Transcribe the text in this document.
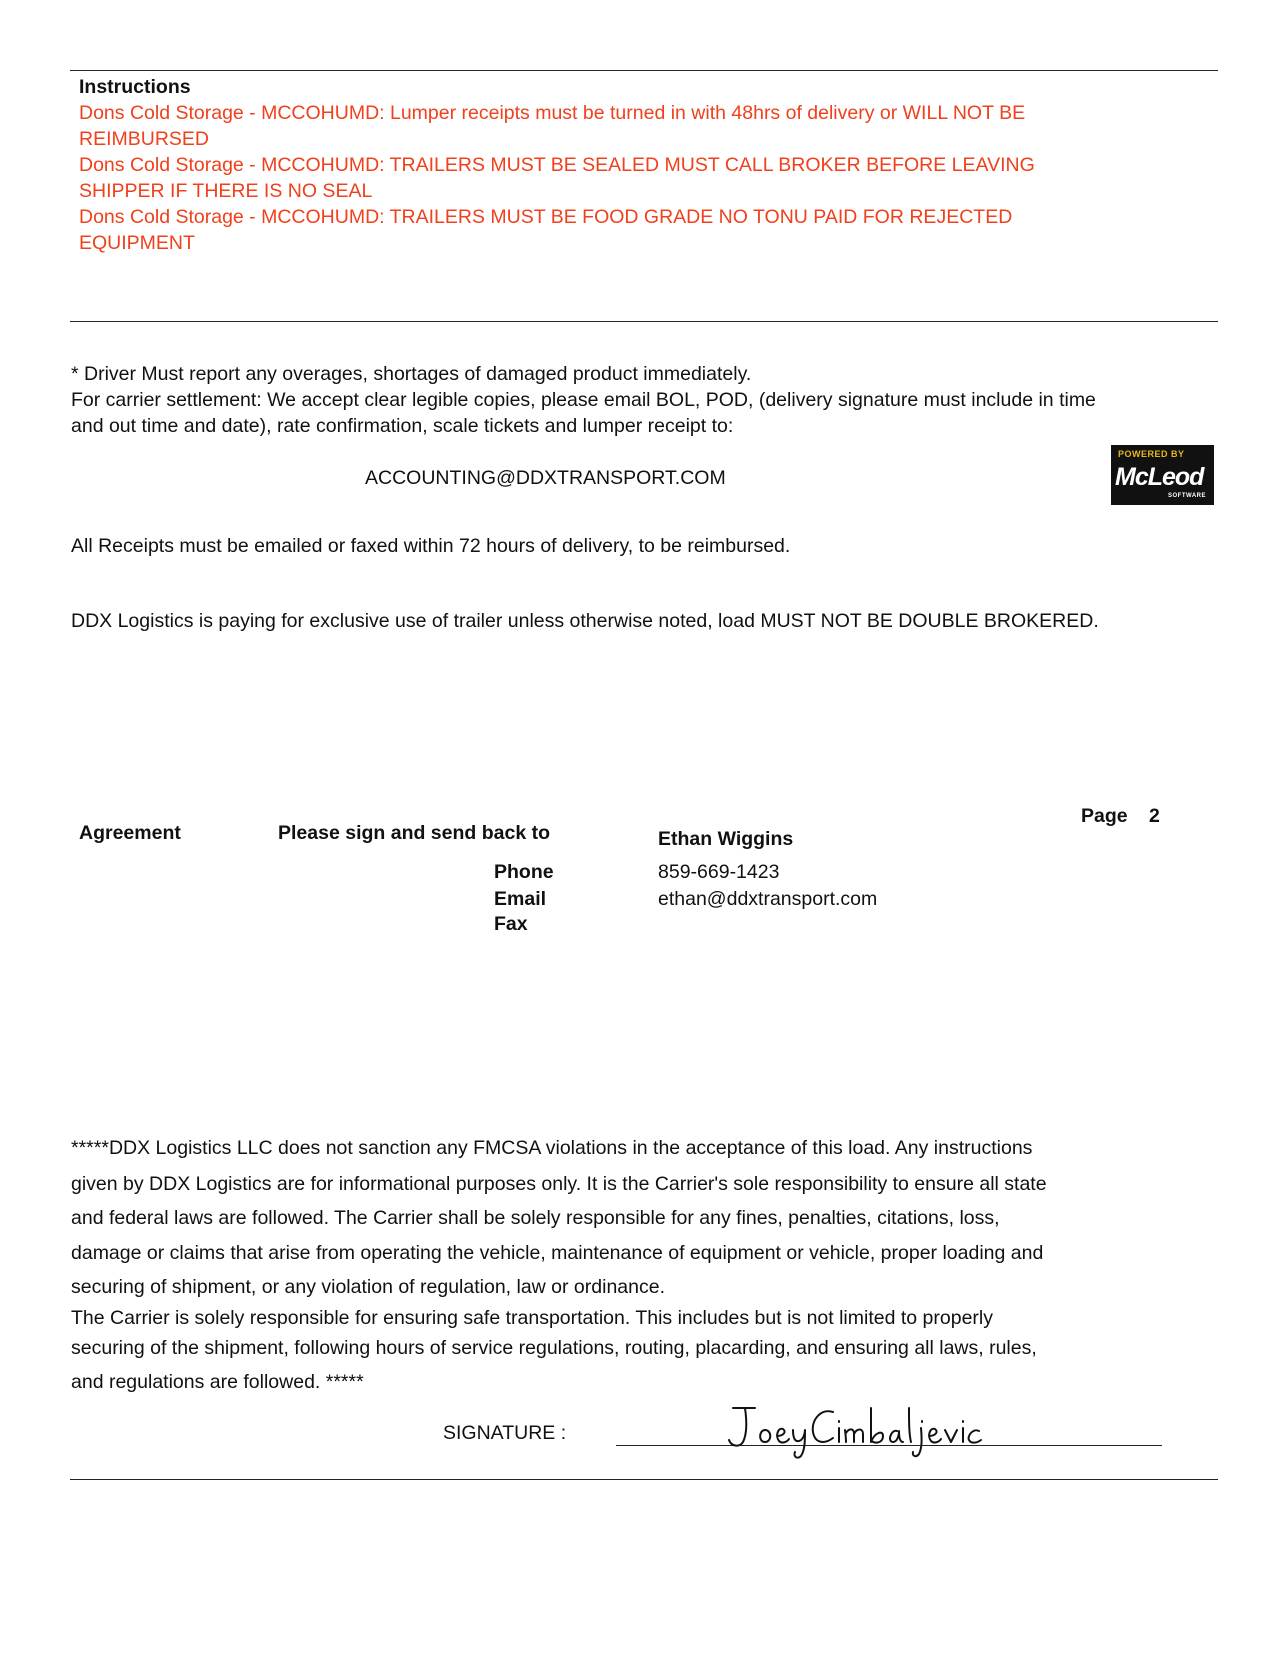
Instructions
Dons Cold Storage - MCCOHUMD: Lumper receipts must be turned in with 48hrs of delivery or WILL NOT BE
REIMBURSED
Dons Cold Storage - MCCOHUMD: TRAILERS MUST BE SEALED MUST CALL BROKER BEFORE LEAVING
SHIPPER IF THERE IS NO SEAL
Dons Cold Storage - MCCOHUMD: TRAILERS MUST BE FOOD GRADE NO TONU PAID FOR REJECTED
EQUIPMENT
* Driver Must report any overages, shortages of damaged product immediately.
For carrier settlement: We accept clear legible copies, please email BOL, POD, (delivery signature must include in time
and out time and date), rate confirmation, scale tickets and lumper receipt to:
ACCOUNTING@DDXTRANSPORT.COM
POWERED BY
McLeod
SOFTWARE
All Receipts must be emailed or faxed within 72 hours of delivery, to be reimbursed.
DDX Logistics is paying for exclusive use of trailer unless otherwise noted, load MUST NOT BE DOUBLE BROKERED.
Agreement	Please sign and send back to	Ethan Wiggins
Page 2
Phone	859-669-1423
Email	ethan@ddxtransport.com
Fax
*****DDX Logistics LLC does not sanction any FMCSA violations in the acceptance of this load. Any instructions
given by DDX Logistics are for informational purposes only. It is the Carrier's sole responsibility to ensure all state
and federal laws are followed. The Carrier shall be solely responsible for any fines, penalties, citations, loss,
damage or claims that arise from operating the vehicle, maintenance of equipment or vehicle, proper loading and
securing of shipment, or any violation of regulation, law or ordinance.
The Carrier is solely responsible for ensuring safe transportation. This includes but is not limited to properly
securing of the shipment, following hours of service regulations, routing, placarding, and ensuring all laws, rules,
and regulations are followed. *****
SIGNATURE :
